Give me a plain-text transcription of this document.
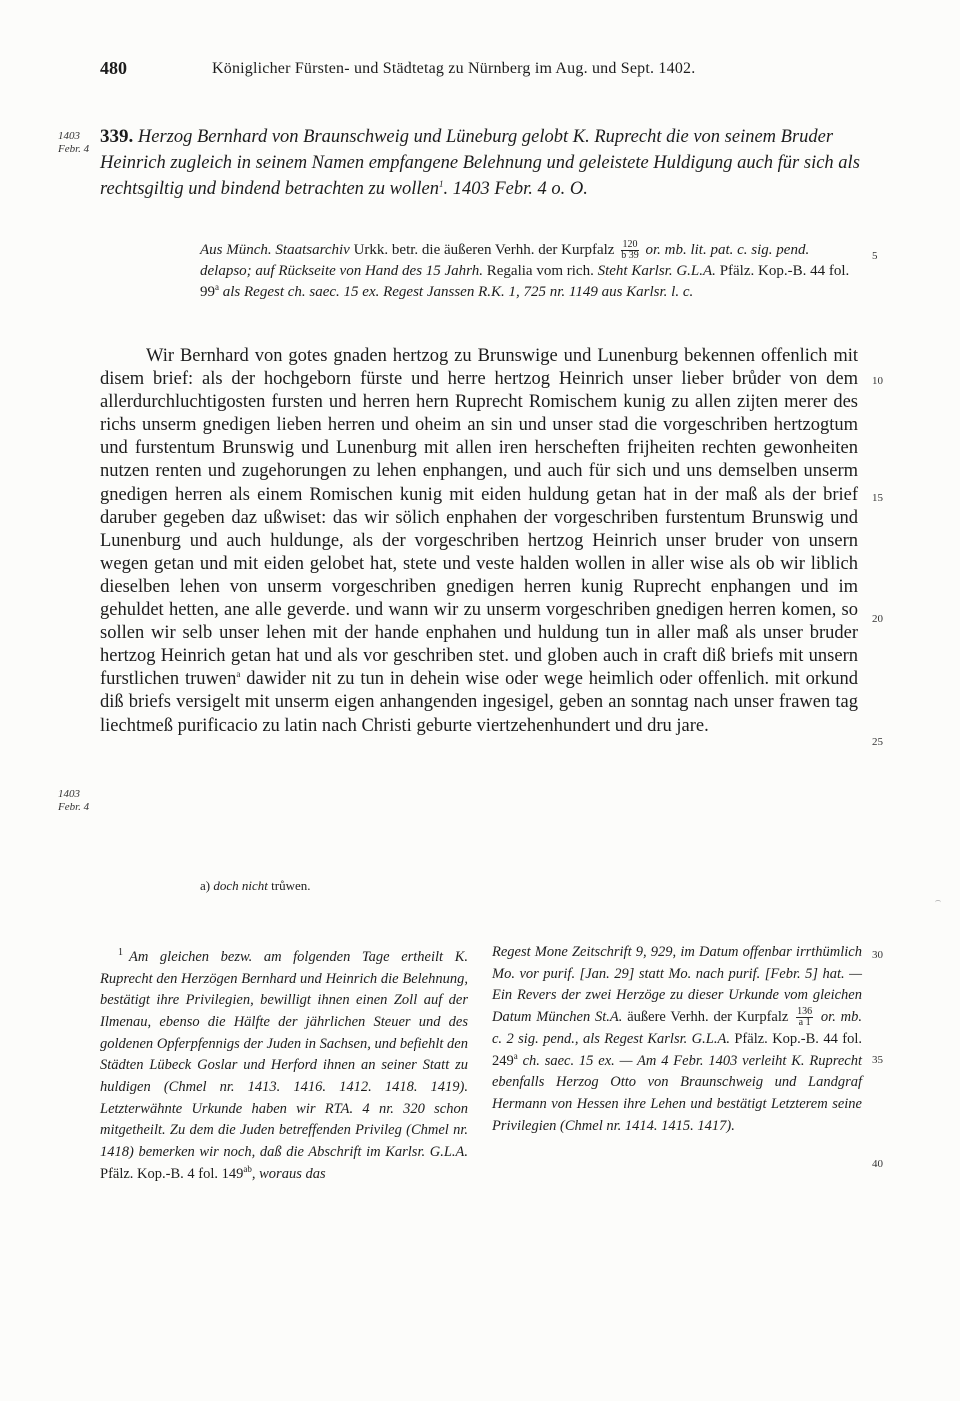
480	Königlicher Fürsten- und Städtetag zu Nürnberg im Aug. und Sept. 1402.
1403
Febr. 4
339. Herzog Bernhard von Braunschweig und Lüneburg gelobt K. Ruprecht die von seinem Bruder Heinrich zugleich in seinem Namen empfangene Belehnung und geleistete Huldigung auch für sich als rechtsgiltig und bindend betrachten zu wollen$^1$. 1403 Febr. 4 o. O.
Aus Münch. Staatsarchiv Urkk. betr. die äußeren Verhh. der Kurpfalz $\frac{120}{b 39}$ or. mb. lit. pat. c. sig. pend. delapso; auf Rückseite von Hand des 15 Jahrh. Regalia vom rich. Steht Karlsr. G.L.A. Pfälz. Kop.-B. 44 fol. 99$^a$ als Regest ch. saec. 15 ex. Regest Janssen R.K. 1, 725 nr. 1149 aus Karlsr. l. c.

Wir Bernhard von gotes gnaden hertzog zu Brunswige und Lunenburg bekennen offenlich mit disem brief: als der hochgeborn fürste und herre hertzog Heinrich unser lieber brůder von dem allerdurchluchtigosten fursten und herren hern Ruprecht Romischem kunig zu allen zijten merer des richs unserm gnedigen lieben herren und oheim an sin und unser stad die vorgeschriben hertzogtum und furstentum Brunswig und Lunenburg mit allen iren herscheften frijheiten rechten gewonheiten nutzen renten und zugehorungen zu lehen enphangen, und auch für sich und uns demselben unserm gnedigen herren als einem Romischen kunig mit eiden huldung getan hat in der maß als der brief daruber gegeben daz ußwiset: das wir sölich enphahen der vorgeschriben furstentum Brunswig und Lunenburg und auch huldunge, als der vorgeschriben hertzog Heinrich unser bruder von unsern wegen getan und mit eiden gelobet hat, stete und veste halden wollen in aller wise als ob wir liblich dieselben lehen von unserm vorgeschriben gnedigen herren kunig Ruprecht enphangen und im gehuldet hetten, ane alle geverde. und wann wir zu unserm vorgeschriben gnedigen herren komen, so sollen wir selb unser lehen mit der hande enphahen und huldung tun in aller maß als unser bruder hertzog Heinrich getan hat und als vor geschriben stet. und globen auch in craft diß briefs mit unsern furstlichen truwen$^a$ dawider nit zu tun in dehein wise oder wege heimlich oder offenlich. mit orkund diß briefs versigelt mit unserm eigen anhangenden ingesigel, geben an sonntag nach unser frawen tag liechtmeß purificacio zu latin nach Christi geburte viertzehenhundert und dru jare.

1403
Febr. 4
5
10
15
20
25
30
35
40
a) doch nicht trůwen.

$^1$ Am gleichen bezw. am folgenden Tage ertheilt K. Ruprecht den Herzögen Bernhard und Heinrich die Belehnung, bestätigt ihre Privilegien, bewilligt ihnen einen Zoll auf der Ilmenau, ebenso die Hälfte der jährlichen Steuer und des goldenen Opferpfennigs der Juden in Sachsen, und befiehlt den Städten Lübeck Goslar und Herford ihnen an seiner Statt zu huldigen (Chmel nr. 1413. 1416. 1412. 1418. 1419). Letzterwähnte Urkunde haben wir RTA. 4 nr. 320 schon mitgetheilt. Zu dem die Juden betreffenden Privileg (Chmel nr. 1418) bemerken wir noch, daß die Abschrift im Karlsr. G.L.A. Pfälz. Kop.-B. 4 fol. $149^{ab}$, woraus das

Regest Mone Zeitschrift 9, 929, im Datum offenbar irrthümlich Mo. vor purif. [Jan. 29] statt Mo. nach purif. [Febr. 5] hat. — Ein Revers der zwei Herzöge zu dieser Urkunde vom gleichen Datum München St.A. äußere Verhh. der Kurpfalz $\frac{136}{a 1}$ or. mb. c. 2 sig. pend., als Regest Karlsr. G.L.A. Pfälz. Kop.-B. 44 fol. 249$^a$ ch. saec. 15 ex. — Am 4 Febr. 1403 verleiht K. Ruprecht ebenfalls Herzog Otto von Braunschweig und Landgraf Hermann von Hessen ihre Lehen und bestätigt Letzterem seine Privilegien (Chmel nr. 1414. 1415. 1417).
